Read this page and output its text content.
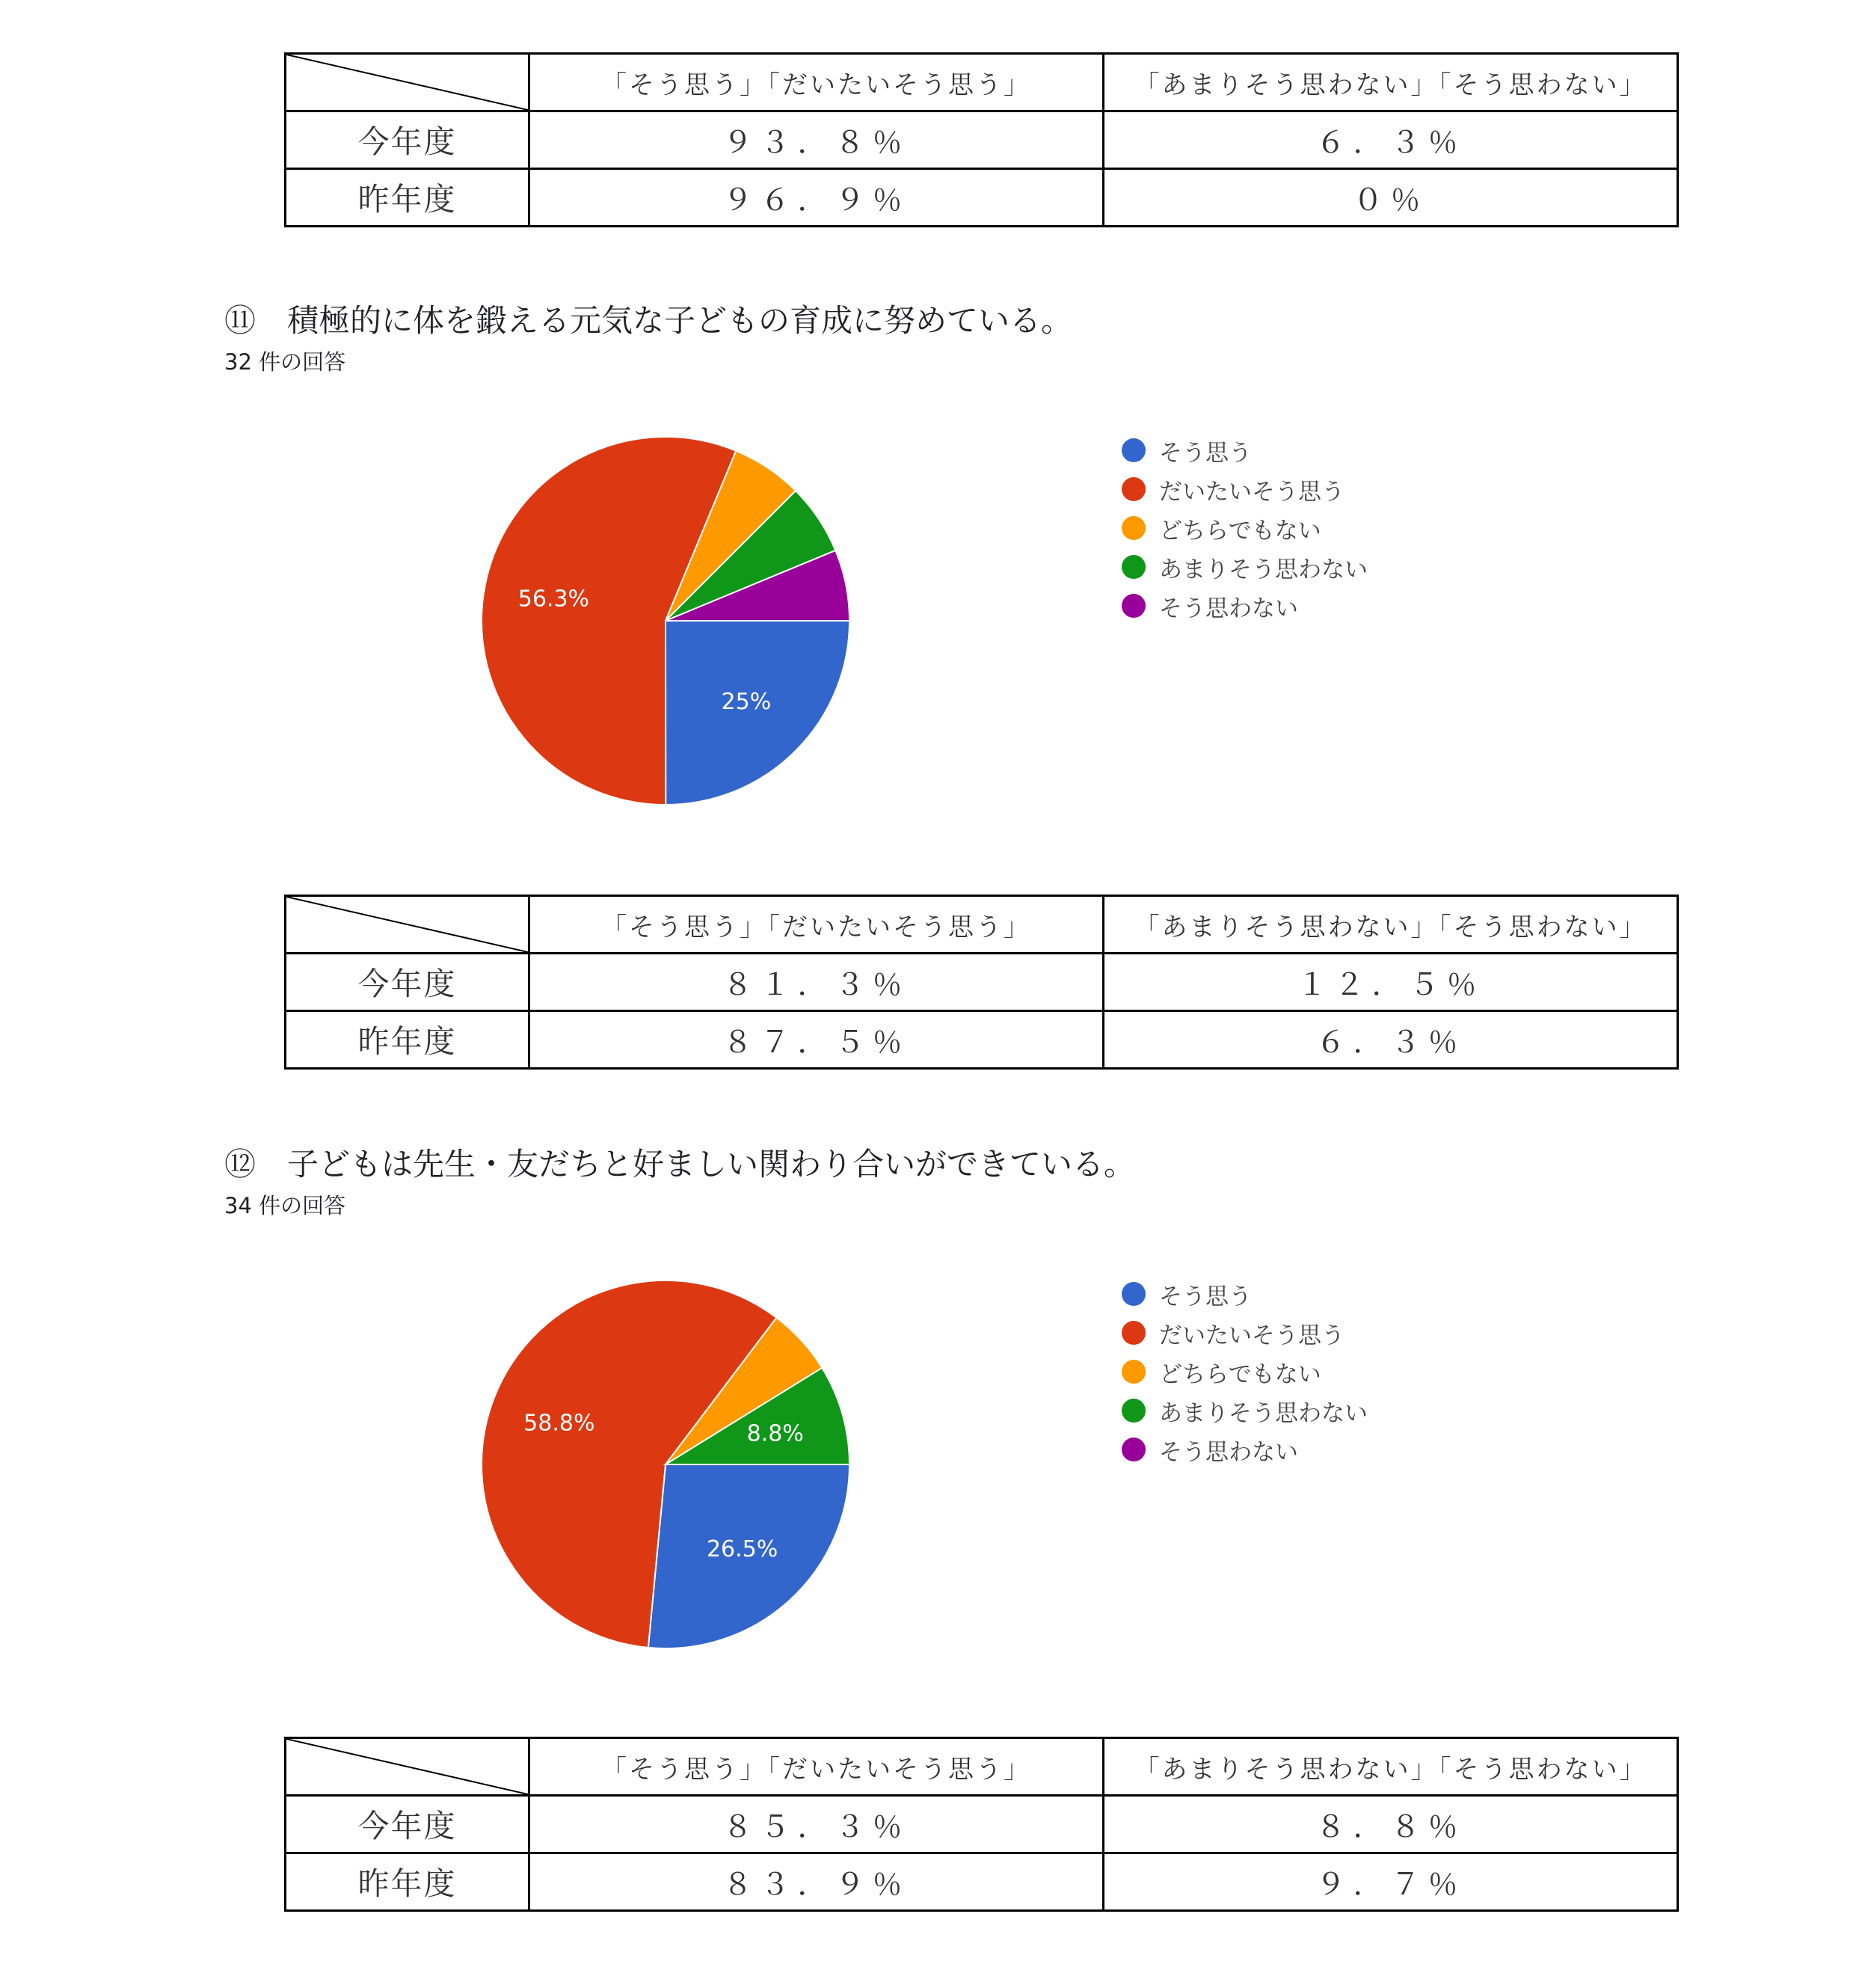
	「そう思う」「だいたいそう思う」	「あまりそう思わない」「そう思わない」
今年度	９３．８％	６．３％
昨年度	９６．９％	０％
⑪　積極的に体を鍛える元気な子どもの育成に努めている。
32 件の回答
25%
56.3%
そう思う
だいたいそう思う
どちらでもない
あまりそう思わない
そう思わない
	「そう思う」「だいたいそう思う」	「あまりそう思わない」「そう思わない」
今年度	８１．３％	１２．５％
昨年度	８７．５％	６．３％
⑫　子どもは先生・友だちと好ましい関わり合いができている。
34 件の回答
26.5%
58.8%	8.8%
そう思う
だいたいそう思う
どちらでもない
あまりそう思わない
そう思わない
	「そう思う」「だいたいそう思う」	「あまりそう思わない」「そう思わない」
今年度	８５．３％	８．８％
昨年度	８３．９％	９．７％
